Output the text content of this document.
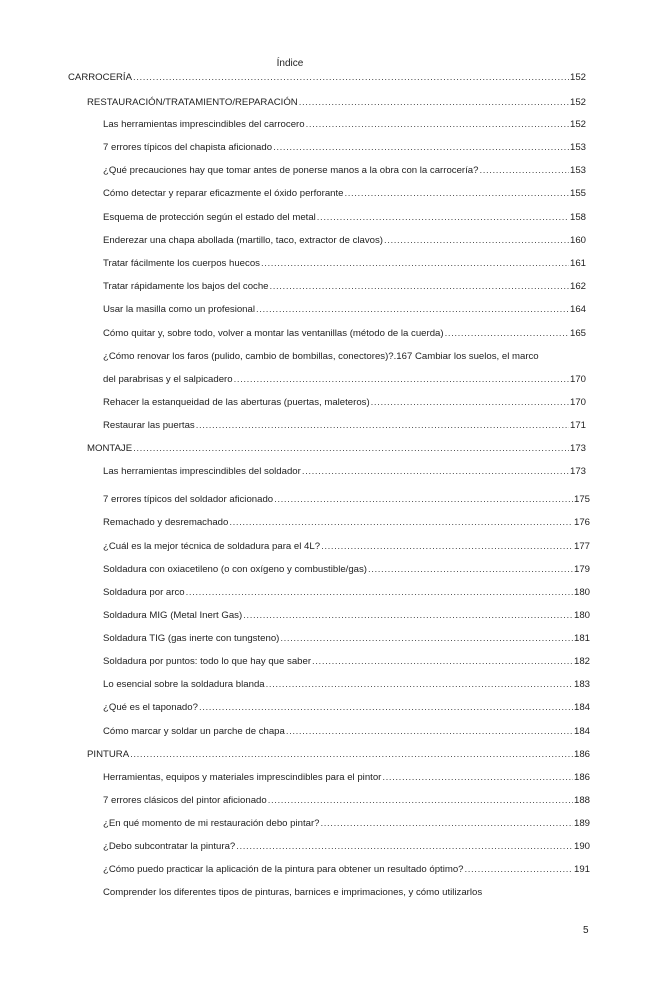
Índice
CARROCERÍA .....	152
RESTAURACIÓN/TRATAMIENTO/REPARACIÓN .....	152
Las herramientas imprescindibles del carrocero .....	152
7 errores típicos del chapista aficionado .....	153
¿Qué precauciones hay que tomar antes de ponerse manos a la obra con la carrocería? .....	153
Cómo detectar y reparar eficazmente el óxido perforante .....	155
Esquema de protección según el estado del metal .....	158
Enderezar una chapa abollada (martillo, taco, extractor de clavos) .....	160
Tratar fácilmente los cuerpos huecos .....	161
Tratar rápidamente los bajos del coche .....	162
Usar la masilla como un profesional .....	164
Cómo quitar y, sobre todo, volver a montar las ventanillas (método de la cuerda) .....	165
¿Cómo renovar los faros (pulido, cambio de bombillas, conectores)?.167 Cambiar los suelos, el marco
del parabrisas y el salpicadero .....	170
Rehacer la estanqueidad de las aberturas (puertas, maleteros) .....	170
Restaurar las puertas .....	171
MONTAJE .....	173
Las herramientas imprescindibles del soldador .....	173
7 errores típicos del soldador aficionado .....	175
Remachado y desremachado .....	176
¿Cuál es la mejor técnica de soldadura para el 4L? .....	177
Soldadura con oxiacetileno (o con oxígeno y combustible/gas) .....	179
Soldadura por arco .....	180
Soldadura MIG (Metal Inert Gas) .....	180
Soldadura TIG (gas inerte con tungsteno) .....	181
Soldadura por puntos: todo lo que hay que saber .....	182
Lo esencial sobre la soldadura blanda .....	183
¿Qué es el taponado? .....	184
Cómo marcar y soldar un parche de chapa .....	184
PINTURA .....	186
Herramientas, equipos y materiales imprescindibles para el pintor .....	186
7 errores clásicos del pintor aficionado .....	188
¿En qué momento de mi restauración debo pintar? .....	189
¿Debo subcontratar la pintura? .....	190
¿Cómo puedo practicar la aplicación de la pintura para obtener un resultado óptimo? .....	191
Comprender los diferentes tipos de pinturas, barnices e imprimaciones, y cómo utilizarlos
5
